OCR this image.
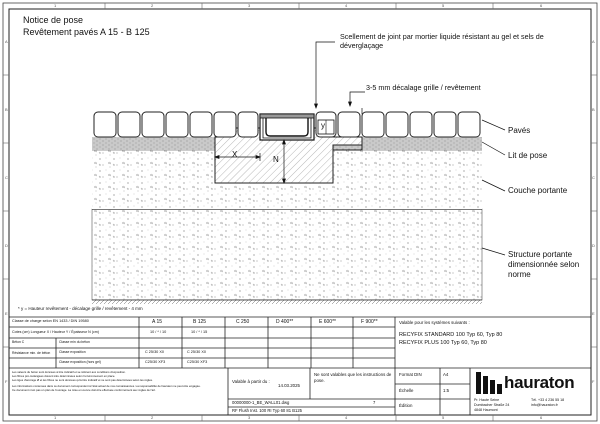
1	2	3	4	5	6
1	2	3	4	5	6
A
B
C
D
E
F
A
B
C
D
E
F
Notice de pose
Revêtement pavés A 15 - B 125	Scellement de joint par mortier liquide résistant au gel et sels de déverglaçage
3-5 mm décalage grille / revêtement
Pavés
Lit de pose
Couche portante
Structure portante
dimensionnée selon
norme
X
N
y
* y = Hauteur revêtement - décalage grille / revêtement - 4 mm
Classe de charge selon EN 1433 / DIN 19580	A 15	B 125	C 250	D 400**	E 600**	F 900**
Cotes (cm) Longueur X / Hauteur Y / Épaisseur N (cm)	10 / * / 10	10 / * / 15
Béton C	Classe min du béton
Résistance min. de béton	Classe exposition	C 25/30 X0	C 25/30 X0
Classe exposition (hors gel)	C25/30 XF3	C25/30 XF3
Valable pour les systèmes suivants :
RECYFIX STANDARD 100 Typ 60, Typ 80
RECYFIX PLUS 100 Typ 60, Typ 80
Les valeurs du béton sont données à titre indicatif et se réfèrent aux conditions d'exposition.
Les fibres pré-mélangées doivent être déterminées selon l'environnement en place.
Les tiges d'ancrage Ø et les fibres ne sont données qu'à titre indicatif et ne sont pas déterminées selon les règles.
Les informations contenues dans ce document correspondent à l'état actuel de nos connaissances. La responsabilité de hauraton ne peut être engagée.
Ce document n'est pas un plan de l'ouvrage. La mise en œuvre doit être effectuée conformément aux règles de l'art.
Valable à partir du :
14.03.2025
Ne sont valables que les instructions de pose.
00000000-1_BE_WALL01.dwg	7
RF Flush Inst. 100 RI Typ 60 81 B125
Format DIN	A4
Échelle	1:5
Édition
hauraton
Pr. Haute Seine
Dumbacher Straße 24
4848 Haumont
Tél. +33 4 236 55 18
info@hauraton.fr
